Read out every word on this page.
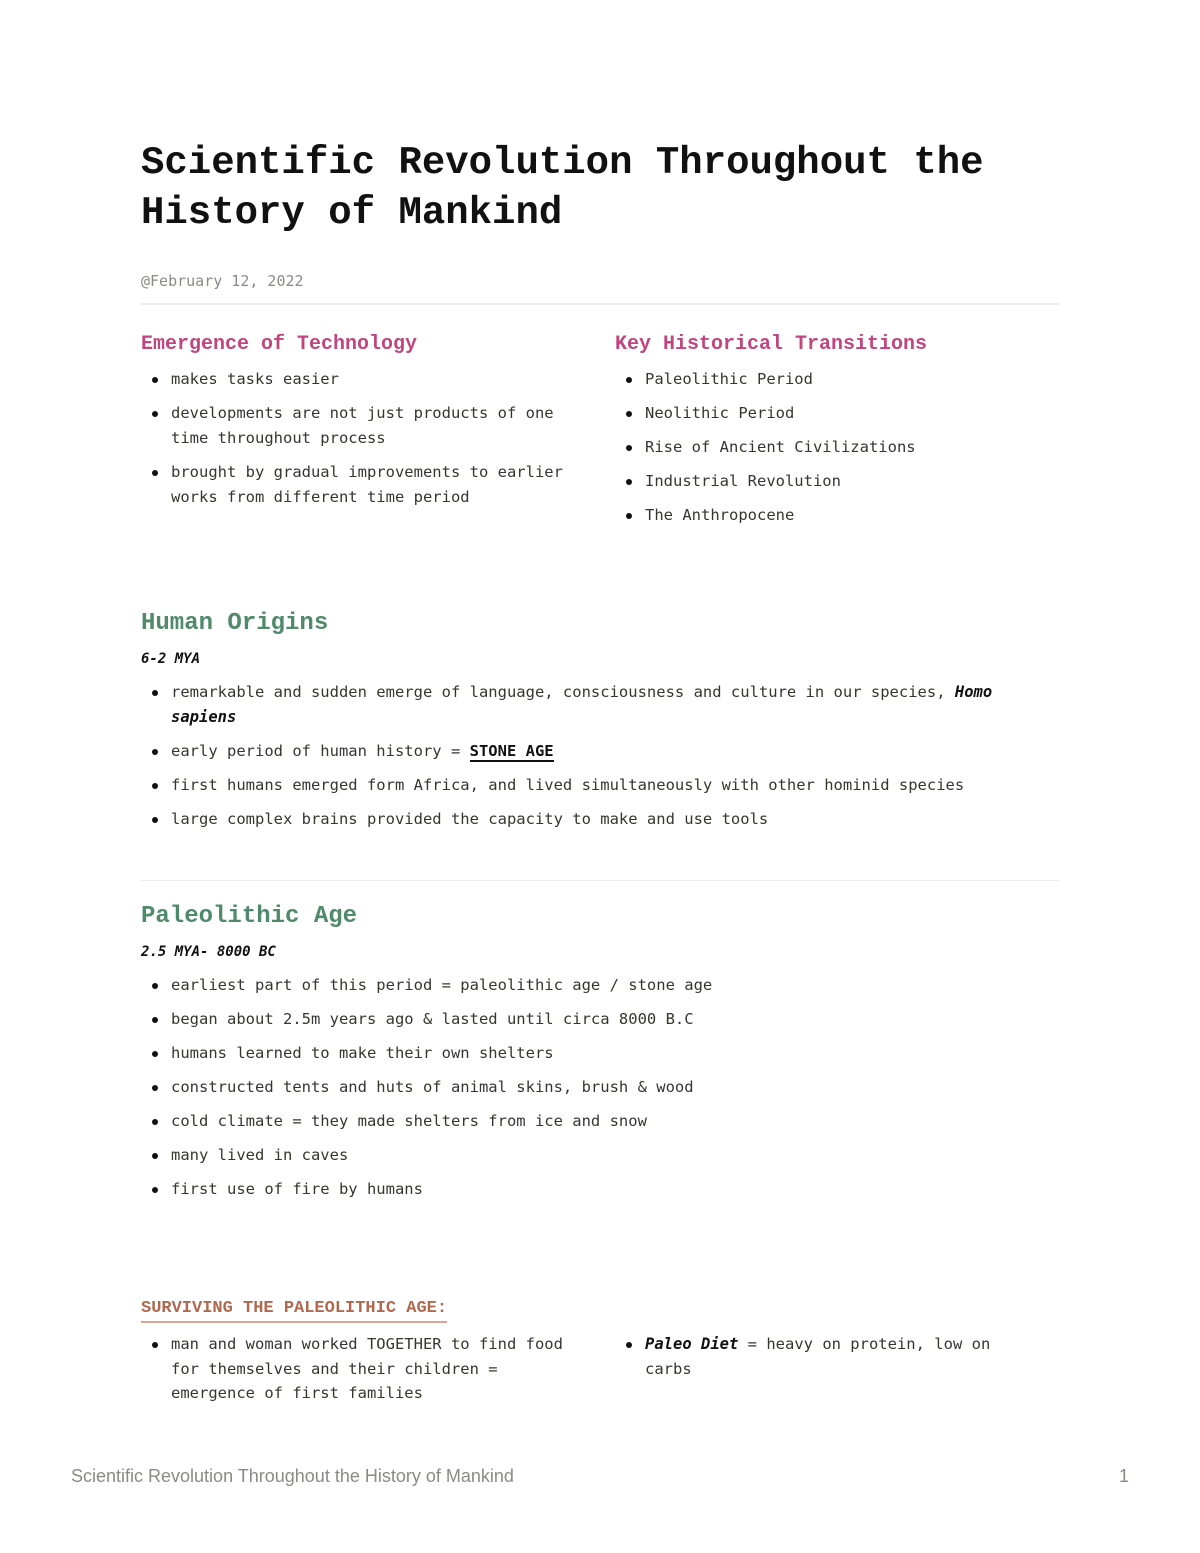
Scientific Revolution Throughout the History of Mankind
@February 12, 2022
Emergence of Technology
makes tasks easier
developments are not just products of one time throughout process
brought by gradual improvements to earlier works from different time period
Key Historical Transitions
Paleolithic Period
Neolithic Period
Rise of Ancient Civilizations
Industrial Revolution
The Anthropocene
Human Origins

6-2 MYA

remarkable and sudden emerge of language, consciousness and culture in our species, Homo sapiens
early period of human history = STONE AGE
first humans emerged form Africa, and lived simultaneously with other hominid species
large complex brains provided the capacity to make and use tools
Paleolithic Age

2.5 MYA- 8000 BC

earliest part of this period = paleolithic age / stone age
began about 2.5m years ago & lasted until circa 8000 B.C
humans learned to make their own shelters
constructed tents and huts of animal skins, brush & wood
cold climate = they made shelters from ice and snow
many lived in caves
first use of fire by humans
SURVIVING THE PALEOLITHIC AGE:
man and woman worked TOGETHER to find food for themselves and their children = emergence of first families
Paleo Diet = heavy on protein, low on carbs
Scientific Revolution Throughout the History of Mankind	1
